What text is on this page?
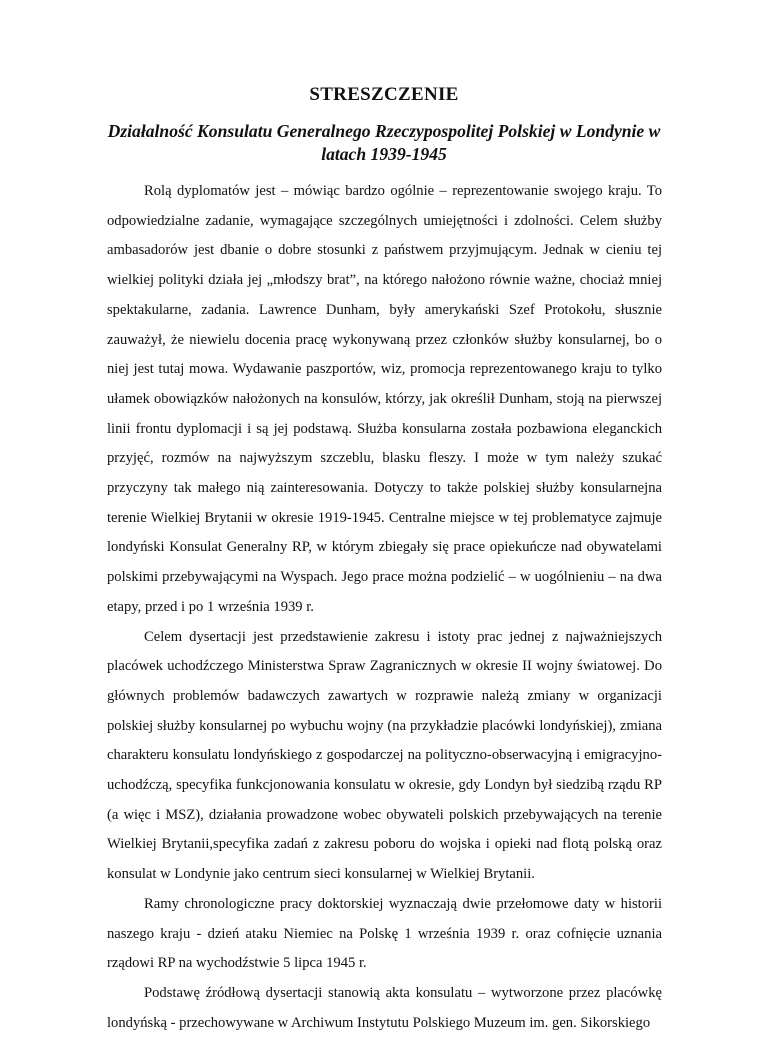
STRESZCZENIE
Działalność Konsulatu Generalnego Rzeczypospolitej Polskiej w Londynie w latach 1939-1945

Rolą dyplomatów jest – mówiąc bardzo ogólnie – reprezentowanie swojego kraju. To odpowiedzialne zadanie, wymagające szczególnych umiejętności i zdolności. Celem służby ambasadorów jest dbanie o dobre stosunki z państwem przyjmującym. Jednak w cieniu tej wielkiej polityki działa jej „młodszy brat”, na którego nałożono równie ważne, chociaż mniej spektakularne, zadania. Lawrence Dunham, były amerykański Szef Protokołu, słusznie zauważył, że niewielu docenia pracę wykonywaną przez członków służby konsularnej, bo o niej jest tutaj mowa. Wydawanie paszportów, wiz, promocja reprezentowanego kraju to tylko ułamek obowiązków nałożonych na konsulów, którzy, jak określił Dunham, stoją na pierwszej linii frontu dyplomacji i są jej podstawą. Służba konsularna została pozbawiona eleganckich przyjęć, rozmów na najwyższym szczeblu, blasku fleszy. I może w tym należy szukać przyczyny tak małego nią zainteresowania. Dotyczy to także polskiej służby konsularnejna terenie Wielkiej Brytanii w okresie 1919-1945. Centralne miejsce w tej problematyce zajmuje londyński Konsulat Generalny RP, w którym zbiegały się prace opiekuńcze nad obywatelami polskimi przebywającymi na Wyspach. Jego prace można podzielić – w uogólnieniu – na dwa etapy, przed i po 1 września 1939 r.

Celem dysertacji jest przedstawienie zakresu i istoty prac jednej z najważniejszych placówek uchodźczego Ministerstwa Spraw Zagranicznych w okresie II wojny światowej. Do głównych problemów badawczych zawartych w rozprawie należą zmiany w organizacji polskiej służby konsularnej po wybuchu wojny (na przykładzie placówki londyńskiej), zmiana charakteru konsulatu londyńskiego z gospodarczej na polityczno-obserwacyjną i emigracyjno-uchodźczą, specyfika funkcjonowania konsulatu w okresie, gdy Londyn był siedzibą rządu RP (a więc i MSZ), działania prowadzone wobec obywateli polskich przebywających na terenie Wielkiej Brytanii,specyfika zadań z zakresu poboru do wojska i opieki nad flotą polską oraz konsulat w Londynie jako centrum sieci konsularnej w Wielkiej Brytanii.

Ramy chronologiczne pracy doktorskiej wyznaczają dwie przełomowe daty w historii naszego kraju - dzień ataku Niemiec na Polskę 1 września 1939 r. oraz cofnięcie uznania rządowi RP na wychodźstwie 5 lipca 1945 r.

Podstawę źródłową dysertacji stanowią akta konsulatu – wytworzone przez placówkę londyńską - przechowywane w Archiwum Instytutu Polskiego Muzeum im. gen. Sikorskiego
